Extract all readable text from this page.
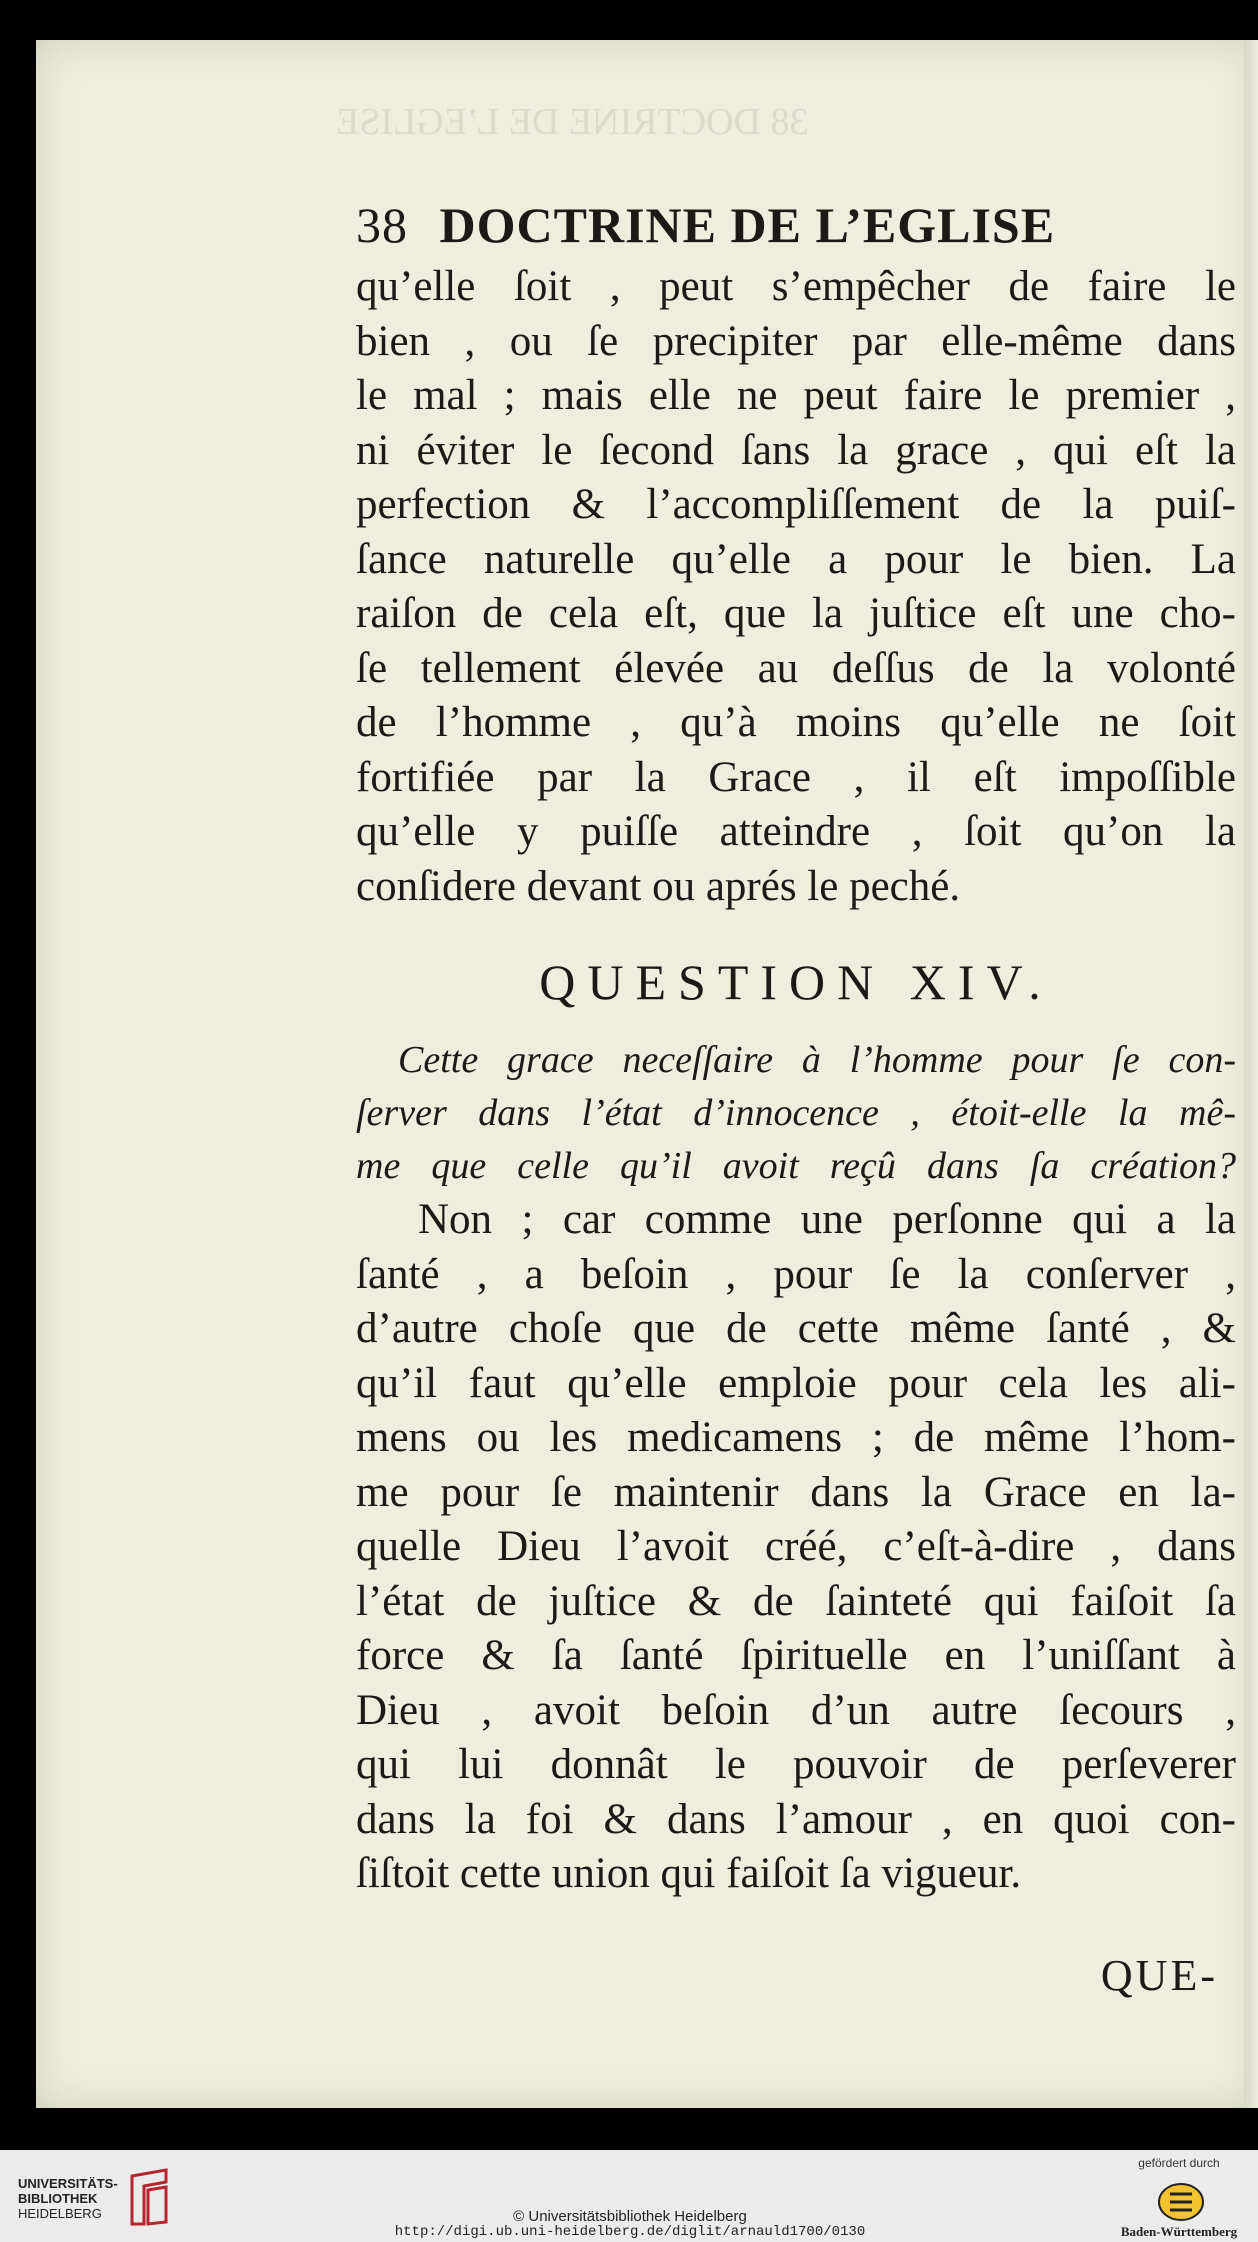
38 DOCTRINE DE L’EGLISE
38 DOCTRINE DE L’EGLISE
qu’elle ſoit , peut s’empêcher de faire le
bien , ou ſe precipiter par elle-même dans
le mal ; mais elle ne peut faire le premier ,
ni éviter le ſecond ſans la grace , qui eſt la
perfection & l’accompliſſement de la puiſ-
ſance naturelle qu’elle a pour le bien. La
raiſon de cela eſt, que la juſtice eſt une cho-
ſe tellement élevée au deſſus de la volonté
de l’homme , qu’à moins qu’elle ne ſoit
fortifiée par la Grace , il eſt impoſſible
qu’elle y puiſſe atteindre , ſoit qu’on la
conſidere devant ou aprés le peché.
QUESTION XIV.
Cette grace neceſſaire à l’homme pour ſe con-
ſerver dans l’état d’innocence , étoit-elle la mê-
me que celle qu’il avoit reçû dans ſa création?
Non ; car comme une perſonne qui a la
ſanté , a beſoin , pour ſe la conſerver ,
d’autre choſe que de cette même ſanté , &
qu’il faut qu’elle emploie pour cela les ali-
mens ou les medicamens ; de même l’hom-
me pour ſe maintenir dans la Grace en la-
quelle Dieu l’avoit créé, c’eſt-à-dire , dans
l’état de juſtice & de ſainteté qui faiſoit ſa
force & ſa ſanté ſpirituelle en l’uniſſant à
Dieu , avoit beſoin d’un autre ſecours ,
qui lui donnât le pouvoir de perſeverer
dans la foi & dans l’amour , en quoi con-
ſiſtoit cette union qui faiſoit ſa vigueur.
QUE-
UNIVERSITÄTS-
BIBLIOTHEK
HEIDELBERG	© Universitätsbibliothek Heidelberg
http://digi.ub.uni-heidelberg.de/diglit/arnauld1700/0130
gefördert durch
Baden-Württemberg
